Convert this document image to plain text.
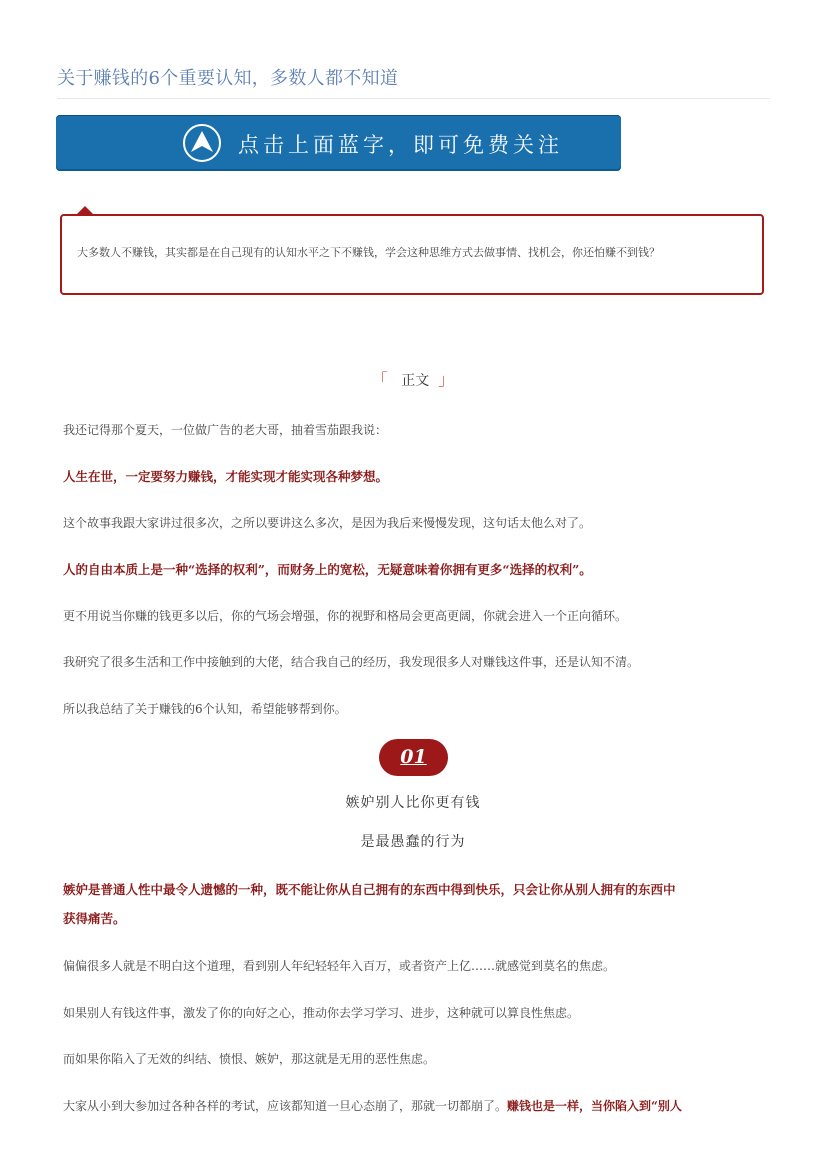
关于赚钱的6个重要认知，多数人都不知道
点击上面蓝字，即可免费关注
大多数人不赚钱，其实都是在自己现有的认知水平之下不赚钱，学会这种思维方式去做事情、找机会，你还怕赚不到钱？
「 正文 」
我还记得那个夏天，一位做广告的老大哥，抽着雪茄跟我说：
人生在世，一定要努力赚钱，才能实现才能实现各种梦想。
这个故事我跟大家讲过很多次，之所以要讲这么多次，是因为我后来慢慢发现，这句话太他么对了。
人的自由本质上是一种“选择的权利”，而财务上的宽松，无疑意味着你拥有更多“选择的权利”。
更不用说当你赚的钱更多以后，你的气场会增强，你的视野和格局会更高更阔，你就会进入一个正向循环。
我研究了很多生活和工作中接触到的大佬，结合我自己的经历，我发现很多人对赚钱这件事，还是认知不清。
所以我总结了关于赚钱的6个认知，希望能够帮到你。
01
嫉妒别人比你更有钱
是最愚蠢的行为
嫉妒是普通人性中最令人遗憾的一种，既不能让你从自己拥有的东西中得到快乐，只会让你从别人拥有的东西中
获得痛苦。
偏偏很多人就是不明白这个道理，看到别人年纪轻轻年入百万，或者资产上亿……就感觉到莫名的焦虑。
如果别人有钱这件事，激发了你的向好之心，推动你去学习学习、进步，这种就可以算良性焦虑。
而如果你陷入了无效的纠结、愤恨、嫉妒，那这就是无用的恶性焦虑。
大家从小到大参加过各种各样的考试，应该都知道一旦心态崩了，那就一切都崩了。赚钱也是一样，当你陷入到“别人
